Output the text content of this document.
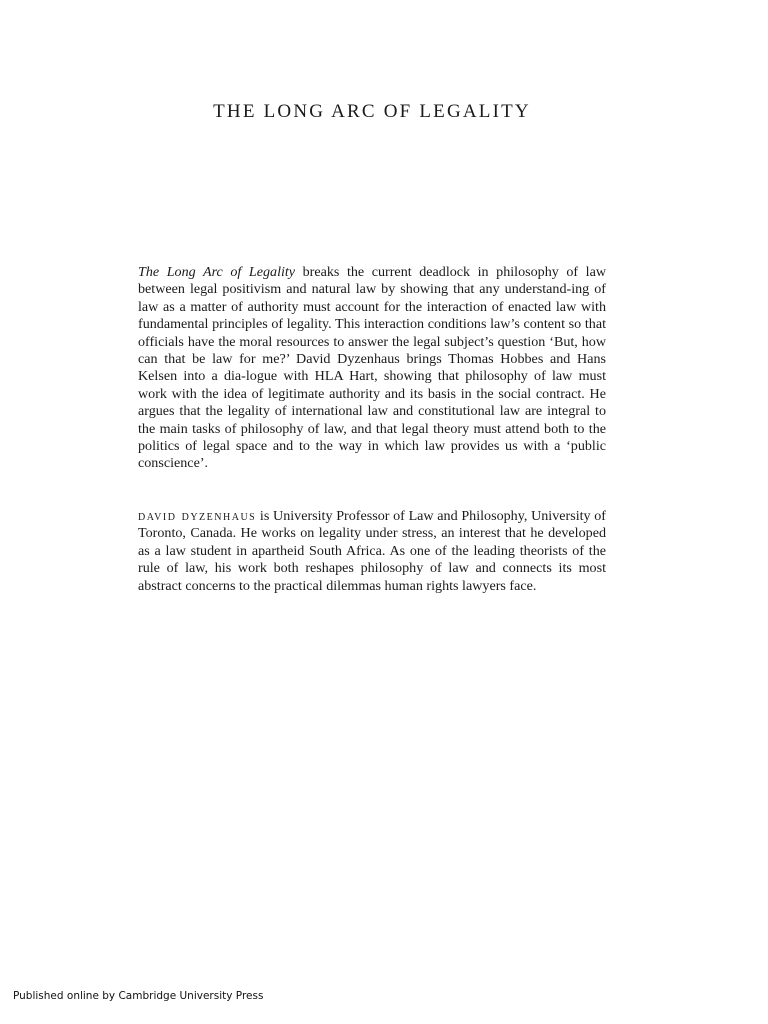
THE LONG ARC OF LEGALITY

The Long Arc of Legality breaks the current deadlock in philosophy of law between legal positivism and natural law by showing that any understand-ing of law as a matter of authority must account for the interaction of enacted law with fundamental principles of legality. This interaction conditions law’s content so that officials have the moral resources to answer the legal subject’s question ‘But, how can that be law for me?’ David Dyzenhaus brings Thomas Hobbes and Hans Kelsen into a dia-logue with HLA Hart, showing that philosophy of law must work with the idea of legitimate authority and its basis in the social contract. He argues that the legality of international law and constitutional law are integral to the main tasks of philosophy of law, and that legal theory must attend both to the politics of legal space and to the way in which law provides us with a ‘public conscience’.

david dyzenhaus is University Professor of Law and Philosophy, University of Toronto, Canada. He works on legality under stress, an interest that he developed as a law student in apartheid South Africa. As one of the leading theorists of the rule of law, his work both reshapes philosophy of law and connects its most abstract concerns to the practical dilemmas human rights lawyers face.

Published online by Cambridge University Press
